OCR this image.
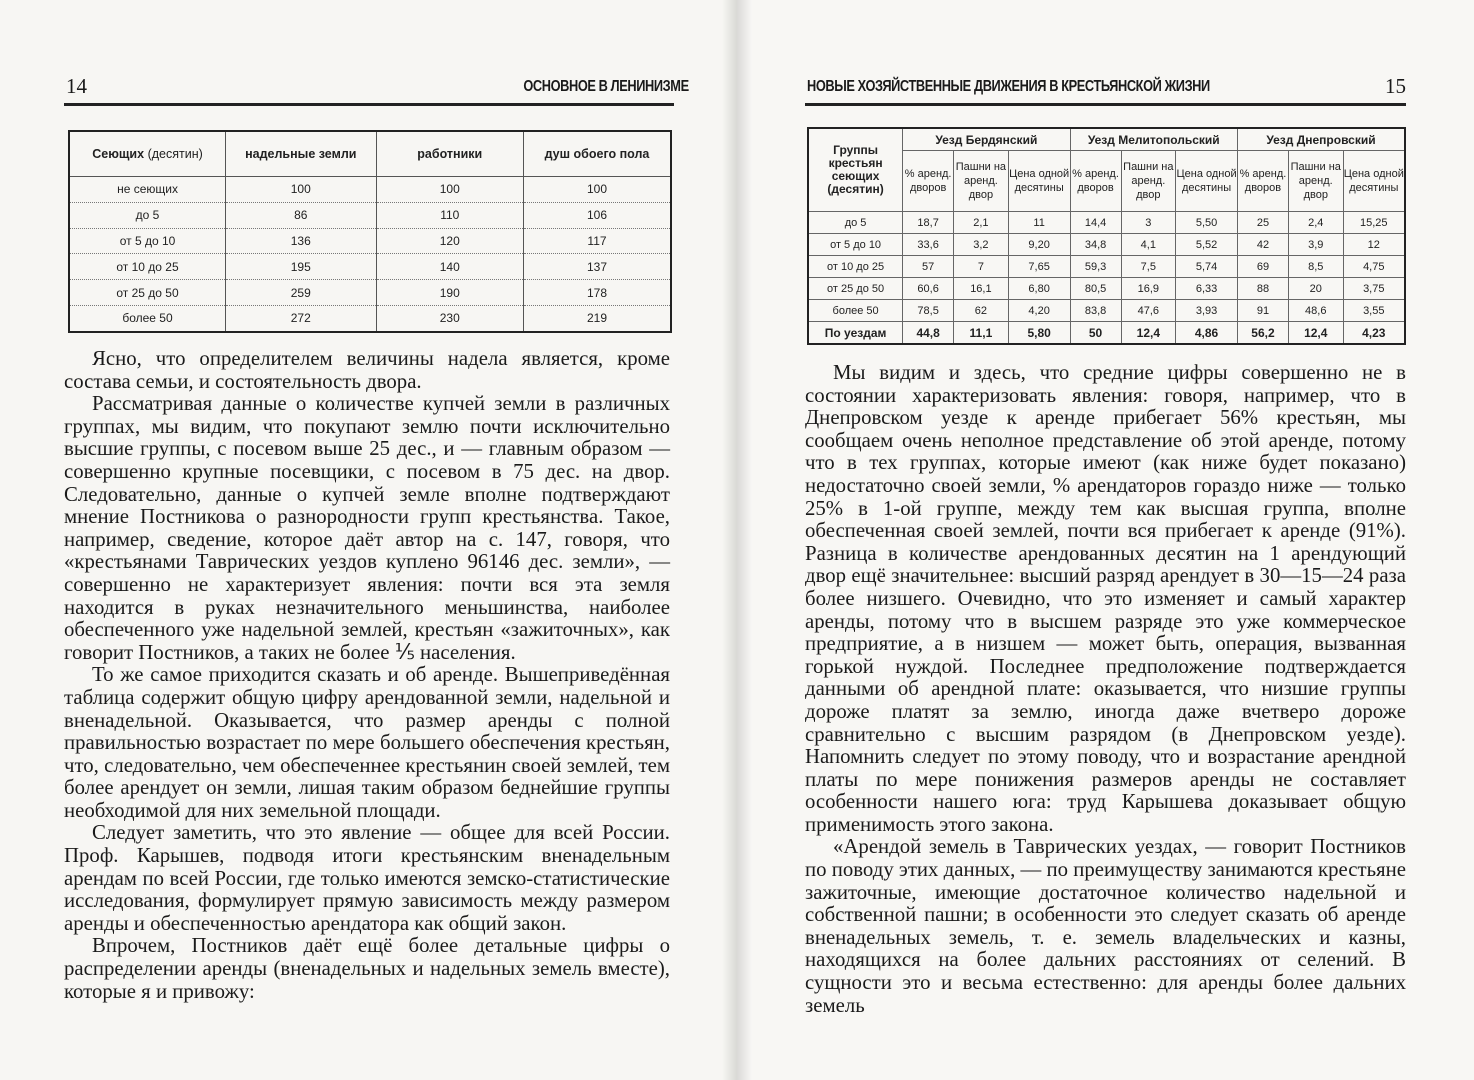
14	ОСНОВНОЕ В ЛЕНИНИЗМЕ
Сеющих (десятин)	надельные земли	работники	душ обоего пола
не сеющих	100	100	100
до 5	86	110	106
от 5 до 10	136	120	117
от 10 до 25	195	140	137
от 25 до 50	259	190	178
более 50	272	230	219

Ясно, что определителем величины надела является, кроме состава семьи, и состоятельность двора.

Рассматривая данные о количестве купчей земли в различных группах, мы видим, что покупают землю почти исключительно высшие группы, с посевом выше 25 дес., и — главным образом — совершенно крупные посевщики, с посевом в 75 дес. на двор. Следовательно, данные о купчей земле вполне подтверждают мнение Постникова о разнородности групп крестьянства. Такое, например, сведение, которое даёт автор на с. 147, говоря, что «крестьянами Таврических уездов куплено 96146 дес. земли», — совершенно не характеризует явления: почти вся эта земля находится в руках незначительного меньшинства, наиболее обеспеченного уже надельной землей, крестьян «зажиточных», как говорит Постников, а таких не более ⅕ населения.

То же самое приходится сказать и об аренде. Вышеприведённая таблица содержит общую цифру арендованной земли, надельной и вненадельной. Оказывается, что размер аренды с полной правильностью возрастает по мере большего обеспечения крестьян, что, следовательно, чем обеспеченнее крестьянин своей землей, тем более арендует он земли, лишая таким образом беднейшие группы необходимой для них земельной площади.

Следует заметить, что это явление — общее для всей России. Проф. Карышев, подводя итоги крестьянским вненадельным арендам по всей России, где только имеются земско-статистические исследования, формулирует прямую зависимость между размером аренды и обеспеченностью арендатора как общий закон.

Впрочем, Постников даёт ещё более детальные цифры о распределении аренды (вненадельных и надельных земель вместе), которые я и привожу:

НОВЫЕ ХОЗЯЙСТВЕННЫЕ ДВИЖЕНИЯ В КРЕСТЬЯНСКОЙ ЖИЗНИ	15
Группы
крестьян
сеющих
(десятин)	Уезд Бердянский			Уезд Мелитопольский			Уезд Днепровский		
	% аренд. дворов	Пашни на аренд. двор	Цена одной десятины	% аренд. дворов	Пашни на аренд. двор	Цена одной десятины	% аренд. дворов	Пашни на аренд. двор	Цена одной десятины
до 5	18,7	2,1	11	14,4	3	5,50	25	2,4	15,25
от 5 до 10	33,6	3,2	9,20	34,8	4,1	5,52	42	3,9	12
от 10 до 25	57	7	7,65	59,3	7,5	5,74	69	8,5	4,75
от 25 до 50	60,6	16,1	6,80	80,5	16,9	6,33	88	20	3,75
более 50	78,5	62	4,20	83,8	47,6	3,93	91	48,6	3,55
По уездам	44,8	11,1	5,80	50	12,4	4,86	56,2	12,4	4,23

Мы видим и здесь, что средние цифры совершенно не в состоянии характеризовать явления: говоря, например, что в Днепровском уезде к аренде прибегает 56% крестьян, мы сообщаем очень неполное представление об этой аренде, потому что в тех группах, которые имеют (как ниже будет показано) недостаточно своей земли, % арендаторов гораздо ниже — только 25% в 1-ой группе, между тем как высшая группа, вполне обеспеченная своей землей, почти вся прибегает к аренде (91%). Разница в количестве арендованных десятин на 1 арендующий двор ещё значительнее: высший разряд арендует в 30—15—24 раза более низшего. Очевидно, что это изменяет и самый характер аренды, потому что в высшем разряде это уже коммерческое предприятие, а в низшем — может быть, операция, вызванная горькой нуждой. Последнее предположение подтверждается данными об арендной плате: оказывается, что низшие группы дороже платят за землю, иногда даже вчетверо дороже сравнительно с высшим разрядом (в Днепровском уезде). Напомнить следует по этому поводу, что и возрастание арендной платы по мере понижения размеров аренды не составляет особенности нашего юга: труд Карышева доказывает общую применимость этого закона.

«Арендой земель в Таврических уездах, — говорит Постников по поводу этих данных, — по преимуществу занимаются крестьяне зажиточные, имеющие достаточное количество надельной и собственной пашни; в особенности это следует сказать об аренде вненадельных земель, т. е. земель владельческих и казны, находящихся на более дальних расстояниях от селений. В сущности это и весьма естественно: для аренды более дальних земель
